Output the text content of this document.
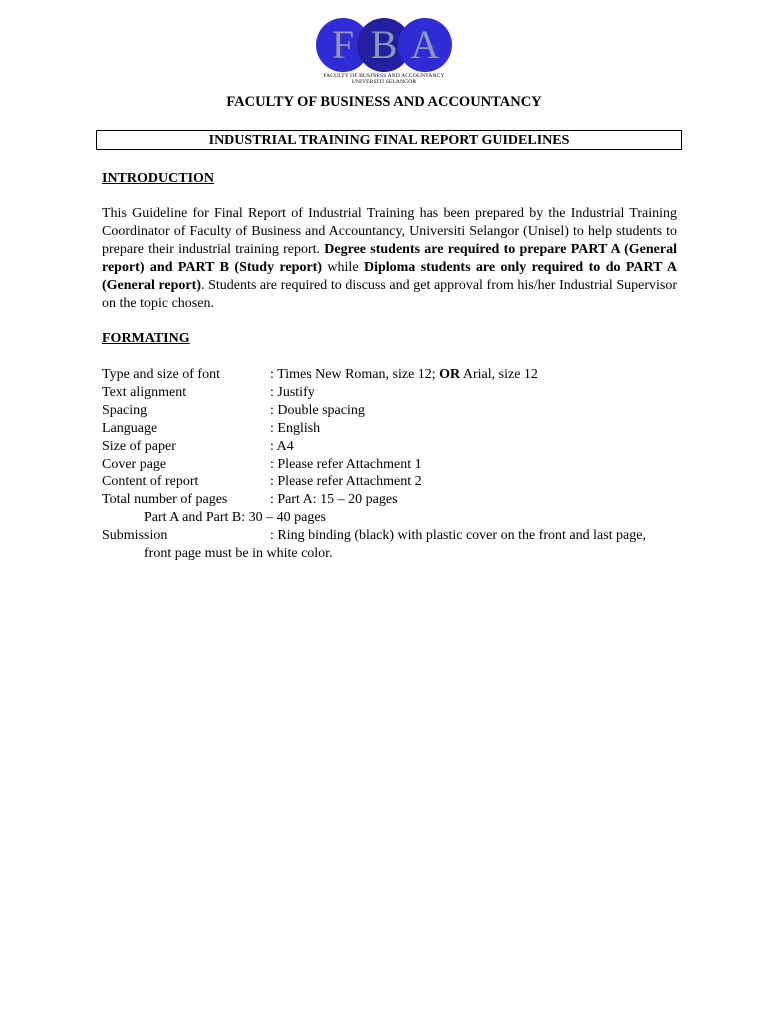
F B A
FACULTY OF BUSINESS AND ACCOUNTANCY
UNIVERSITI SELANGOR
FACULTY OF BUSINESS AND ACCOUNTANCY
INDUSTRIAL TRAINING FINAL REPORT GUIDELINES
INTRODUCTION

This Guideline for Final Report of Industrial Training has been prepared by the Industrial Training Coordinator of Faculty of Business and Accountancy, Universiti Selangor (Unisel) to help students to prepare their industrial training report. Degree students are required to prepare PART A (General report) and PART B (Study report) while Diploma students are only required to do PART A (General report). Students are required to discuss and get approval from his/her Industrial Supervisor on the topic chosen.

FORMATING
Type and size of font	: Times New Roman, size 12; OR Arial, size 12
Text alignment	: Justify
Spacing	: Double spacing
Language	: English
Size of paper	: A4
Cover page	: Please refer Attachment 1
Content of report	: Please refer Attachment 2
Total number of pages	: Part A: 15 – 20 pages
Part A and Part B: 30 – 40 pages
Submission	: Ring binding (black) with plastic cover on the front and last page,
front page must be in white color.
